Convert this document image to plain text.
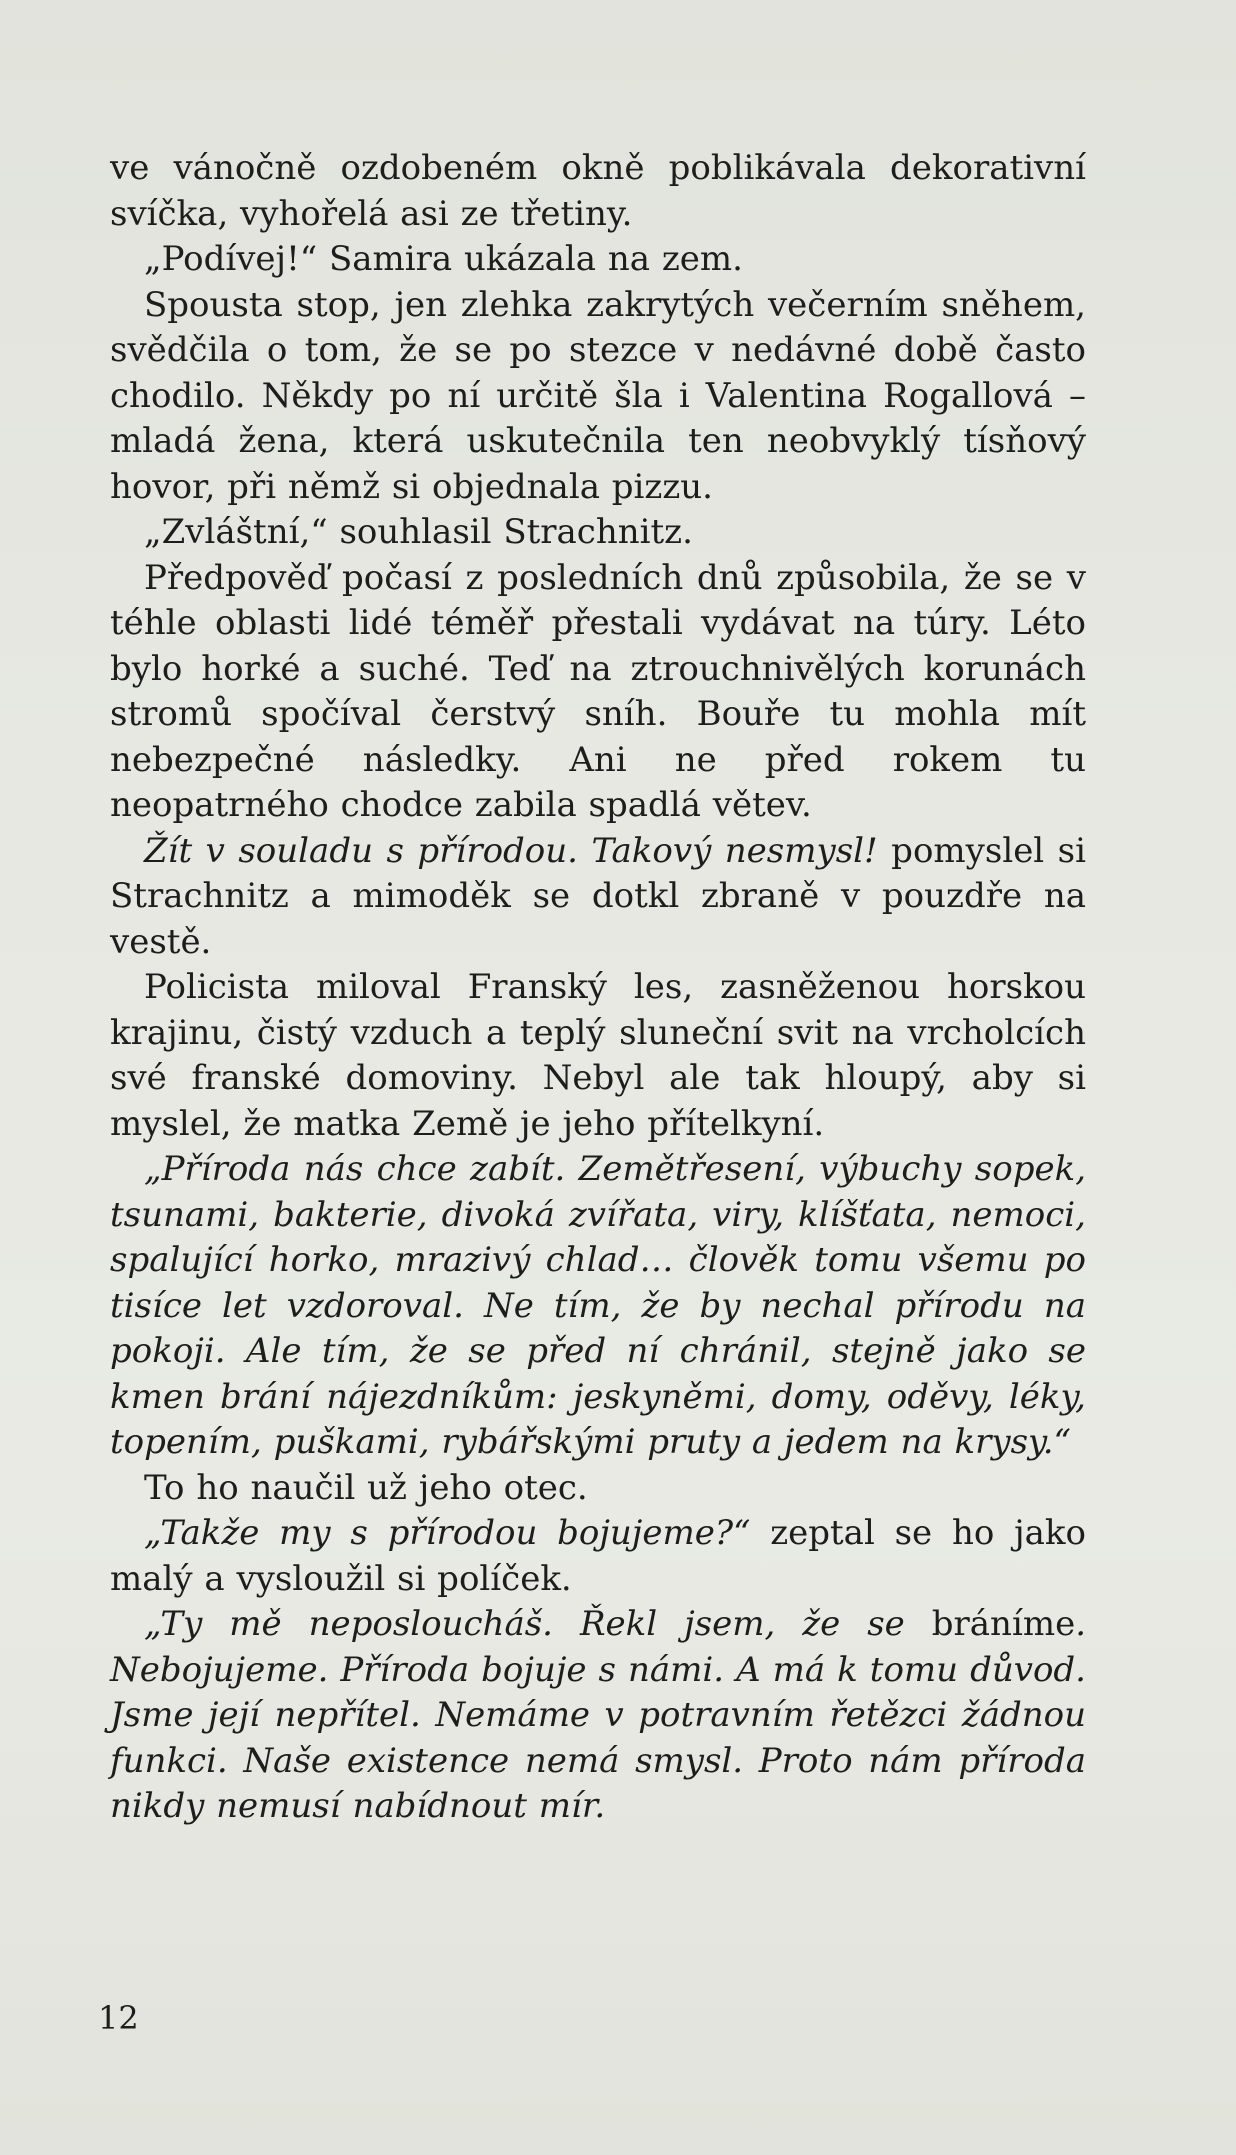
ve vánočně ozdobeném okně poblikávala dekorativní svíčka, vyhořelá asi ze třetiny.

„Podívej!“ Samira ukázala na zem.

Spousta stop, jen zlehka zakrytých večerním sněhem, svědčila o tom, že se po stezce v nedávné době často chodilo. Někdy po ní určitě šla i Valentina Rogallová – mladá žena, která uskutečnila ten neobvyklý tísňový hovor, při němž si objednala pizzu.

„Zvláštní,“ souhlasil Strachnitz.

Předpověď počasí z posledních dnů způsobila, že se v téhle oblasti lidé téměř přestali vydávat na túry. Léto bylo horké a suché. Teď na ztrouchnivělých korunách stromů spočíval čerstvý sníh. Bouře tu mohla mít nebezpečné následky. Ani ne před rokem tu neopatrného chodce zabila spadlá větev.

Žít v souladu s přírodou. Takový nesmysl! pomyslel si Strachnitz a mimoděk se dotkl zbraně v pouzdře na vestě.

Policista miloval Franský les, zasněženou horskou krajinu, čistý vzduch a teplý sluneční svit na vrcholcích své franské domoviny. Nebyl ale tak hloupý, aby si myslel, že matka Země je jeho přítelkyní.

„Příroda nás chce zabít. Zemětřesení, výbuchy sopek, tsunami, bakterie, divoká zvířata, viry, klíšťata, nemoci, spalující horko, mrazivý chlad… člověk tomu všemu po tisíce let vzdoroval. Ne tím, že by nechal přírodu na pokoji. Ale tím, že se před ní chránil, stejně jako se kmen brání nájezdníkům: jeskyněmi, domy, oděvy, léky, topením, puškami, rybářskými pruty a jedem na krysy.“

To ho naučil už jeho otec.

„Takže my s přírodou bojujeme?“ zeptal se ho jako malý a vysloužil si políček.

„Ty mě neposloucháš. Řekl jsem, že se bráníme. Nebojujeme. Příroda bojuje s námi. A má k tomu důvod. Jsme její nepřítel. Nemáme v potravním řetězci žádnou funkci. Naše existence nemá smysl. Proto nám příroda nikdy nemusí nabídnout mír.

12
